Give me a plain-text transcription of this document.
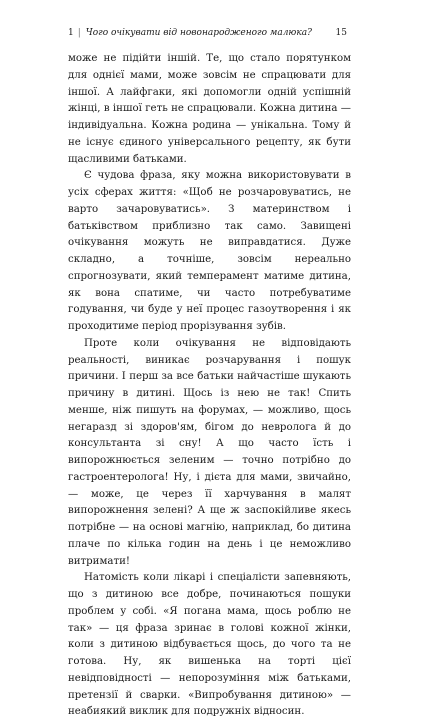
1 | Чого очікувати від новонародженого малюка?	15

може не підійти іншій. Те, що стало порятунком для однієї мами, може зовсім не спрацювати для іншої. А лайфгаки, які допомогли одній успішній жінці, в іншої геть не спрацювали. Кожна дитина — індивідуальна. Кожна родина — унікальна. Тому й не існує єдиного універсального рецепту, як бути щасливими батьками.

Є чудова фраза, яку можна використовувати в усіх сферах життя: «Щоб не розчаровуватись, не варто зачаровуватись». З материнством і батьківством приблизно так само. Завищені очікування можуть не виправдатися. Дуже складно, а точніше, зовсім нереально спрогнозувати, який темперамент матиме дитина, як вона спатиме, чи часто потребуватиме годування, чи буде у неї процес газоутворення і як проходитиме період прорізування зубів.

Проте коли очікування не відповідають реальності, виникає розчарування і пошук причини. І перш за все батьки найчастіше шукають причину в дитині. Щось із нею не так! Спить менше, ніж пишуть на форумах, — можливо, щось негаразд зі здоров'ям, бігом до невролога й до консультанта зі сну! А що часто їсть і випорожнюється зеленим — точно потрібно до гастроентеролога! Ну, і дієта для мами, звичайно, — може, це через її харчування в малят випорожнення зелені? А ще ж заспокійливе якесь потрібне — на основі магнію, наприклад, бо дитина плаче по кілька годин на день і це неможливо витримати!

Натомість коли лікарі і спеціалісти запевняють, що з дитиною все добре, починаються пошуки проблем у собі. «Я погана мама, щось роблю не так» — ця фраза зринає в голові кожної жінки, коли з дитиною відбувається щось, до чого та не готова. Ну, як вишенька на торті цієї невідповідності — непорозуміння між батьками, претензії й сварки. «Випробування дитиною» — неабиякий виклик для подружніх відносин.
